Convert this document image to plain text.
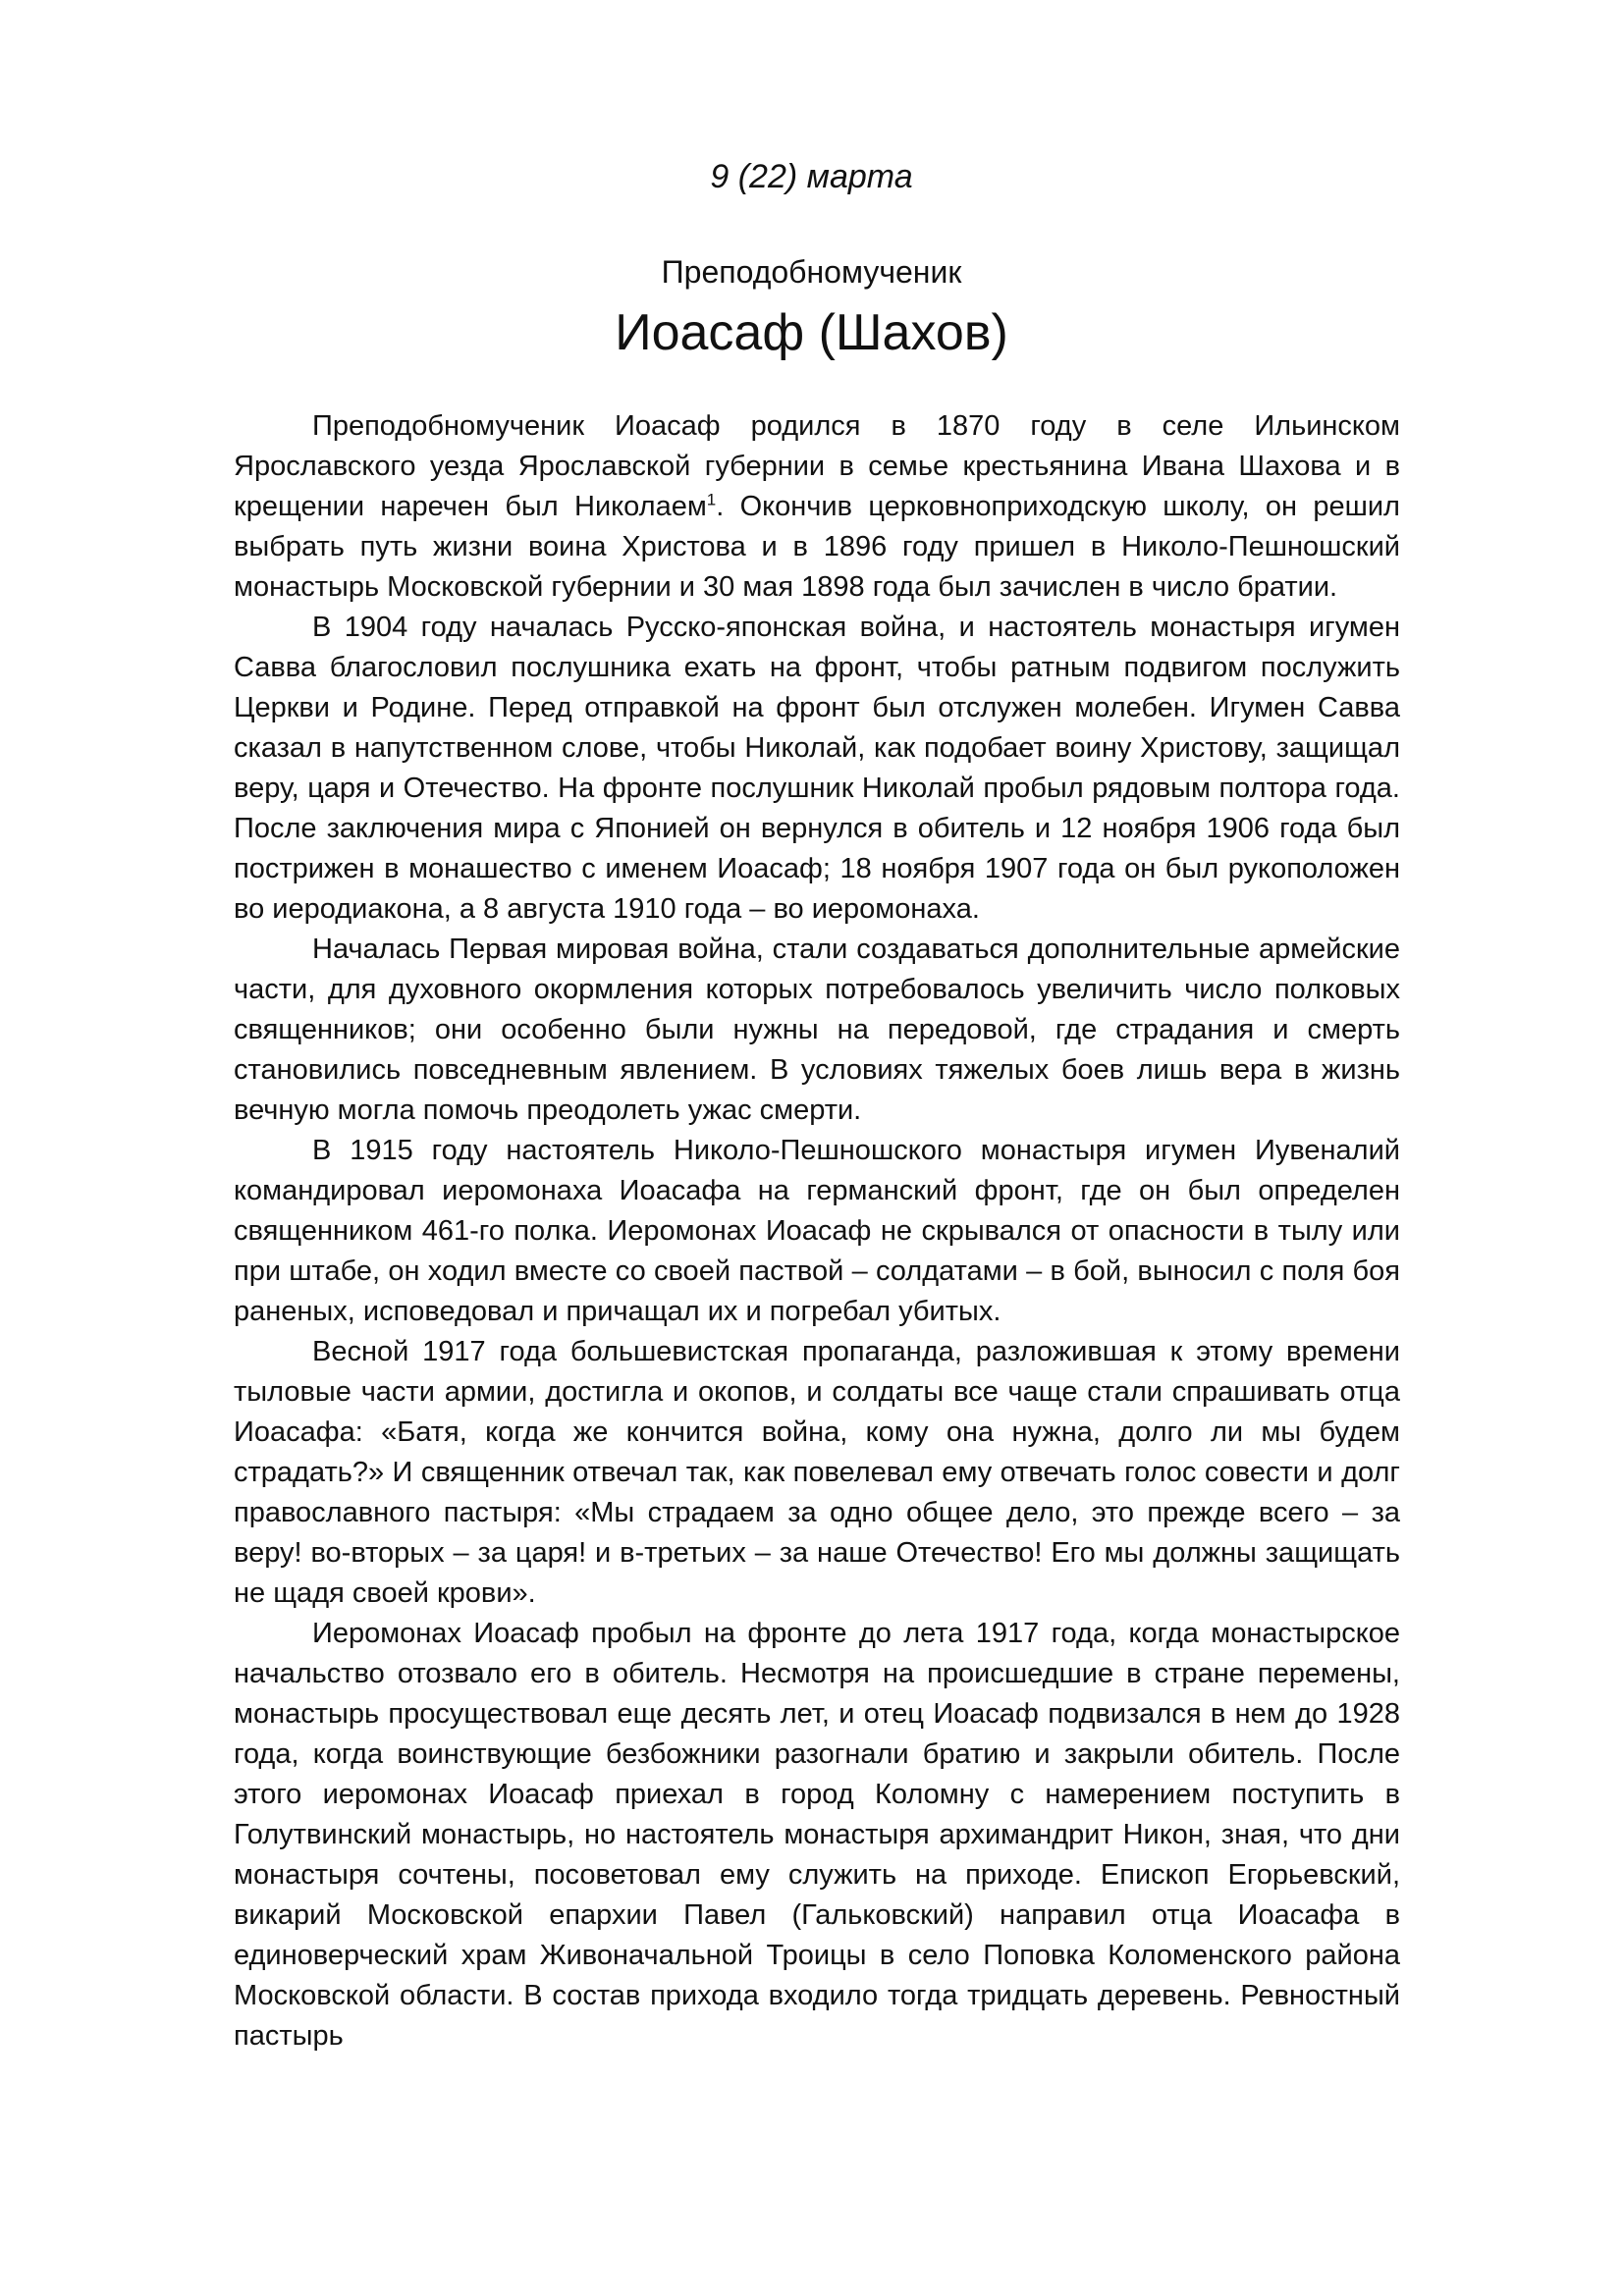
9 (22) марта
Преподобномученик
Иоасаф (Шахов)

Преподобномученик Иоасаф родился в 1870 году в селе Ильинском Ярославского уезда Ярославской губернии в семье крестьянина Ивана Шахова и в крещении наречен был Николаем$^1$. Окончив церковноприходскую школу, он решил выбрать путь жизни воина Христова и в 1896 году пришел в Николо-Пешношский монастырь Московской губернии и 30 мая 1898 года был зачислен в число братии.

В 1904 году началась Русско-японская война, и настоятель монастыря игумен Савва благословил послушника ехать на фронт, чтобы ратным подвигом послужить Церкви и Родине. Перед отправкой на фронт был отслужен молебен. Игумен Савва сказал в напутственном слове, чтобы Николай, как подобает воину Христову, защищал веру, царя и Отечество. На фронте послушник Николай пробыл рядовым полтора года. После заключения мира с Японией он вернулся в обитель и 12 ноября 1906 года был пострижен в монашество с именем Иоасаф; 18 ноября 1907 года он был рукоположен во иеродиакона, а 8 августа 1910 года – во иеромонаха.

Началась Первая мировая война, стали создаваться дополнительные армейские части, для духовного окормления которых потребовалось увеличить число полковых священников; они особенно были нужны на передовой, где страдания и смерть становились повседневным явлением. В условиях тяжелых боев лишь вера в жизнь вечную могла помочь преодолеть ужас смерти.

В 1915 году настоятель Николо-Пешношского монастыря игумен Иувеналий командировал иеромонаха Иоасафа на германский фронт, где он был определен священником 461-го полка. Иеромонах Иоасаф не скрывался от опасности в тылу или при штабе, он ходил вместе со своей паствой – солдатами – в бой, выносил с поля боя раненых, исповедовал и причащал их и погребал убитых.

Весной 1917 года большевистская пропаганда, разложившая к этому времени тыловые части армии, достигла и окопов, и солдаты все чаще стали спрашивать отца Иоасафа: «Батя, когда же кончится война, кому она нужна, долго ли мы будем страдать?» И священник отвечал так, как повелевал ему отвечать голос совести и долг православного пастыря: «Мы страдаем за одно общее дело, это прежде всего – за веру! во-вторых – за царя! и в-третьих – за наше Отечество! Его мы должны защищать не щадя своей крови».

Иеромонах Иоасаф пробыл на фронте до лета 1917 года, когда монастырское начальство отозвало его в обитель. Несмотря на происшедшие в стране перемены, монастырь просуществовал еще десять лет, и отец Иоасаф подвизался в нем до 1928 года, когда воинствующие безбожники разогнали братию и закрыли обитель. После этого иеромонах Иоасаф приехал в город Коломну с намерением поступить в Голутвинский монастырь, но настоятель монастыря архимандрит Никон, зная, что дни монастыря сочтены, посоветовал ему служить на приходе. Епископ Егорьевский, викарий Московской епархии Павел (Гальковский) направил отца Иоасафа в единоверческий храм Живоначальной Троицы в село Поповка Коломенского района Московской области. В состав прихода входило тогда тридцать деревень. Ревностный пастырь
